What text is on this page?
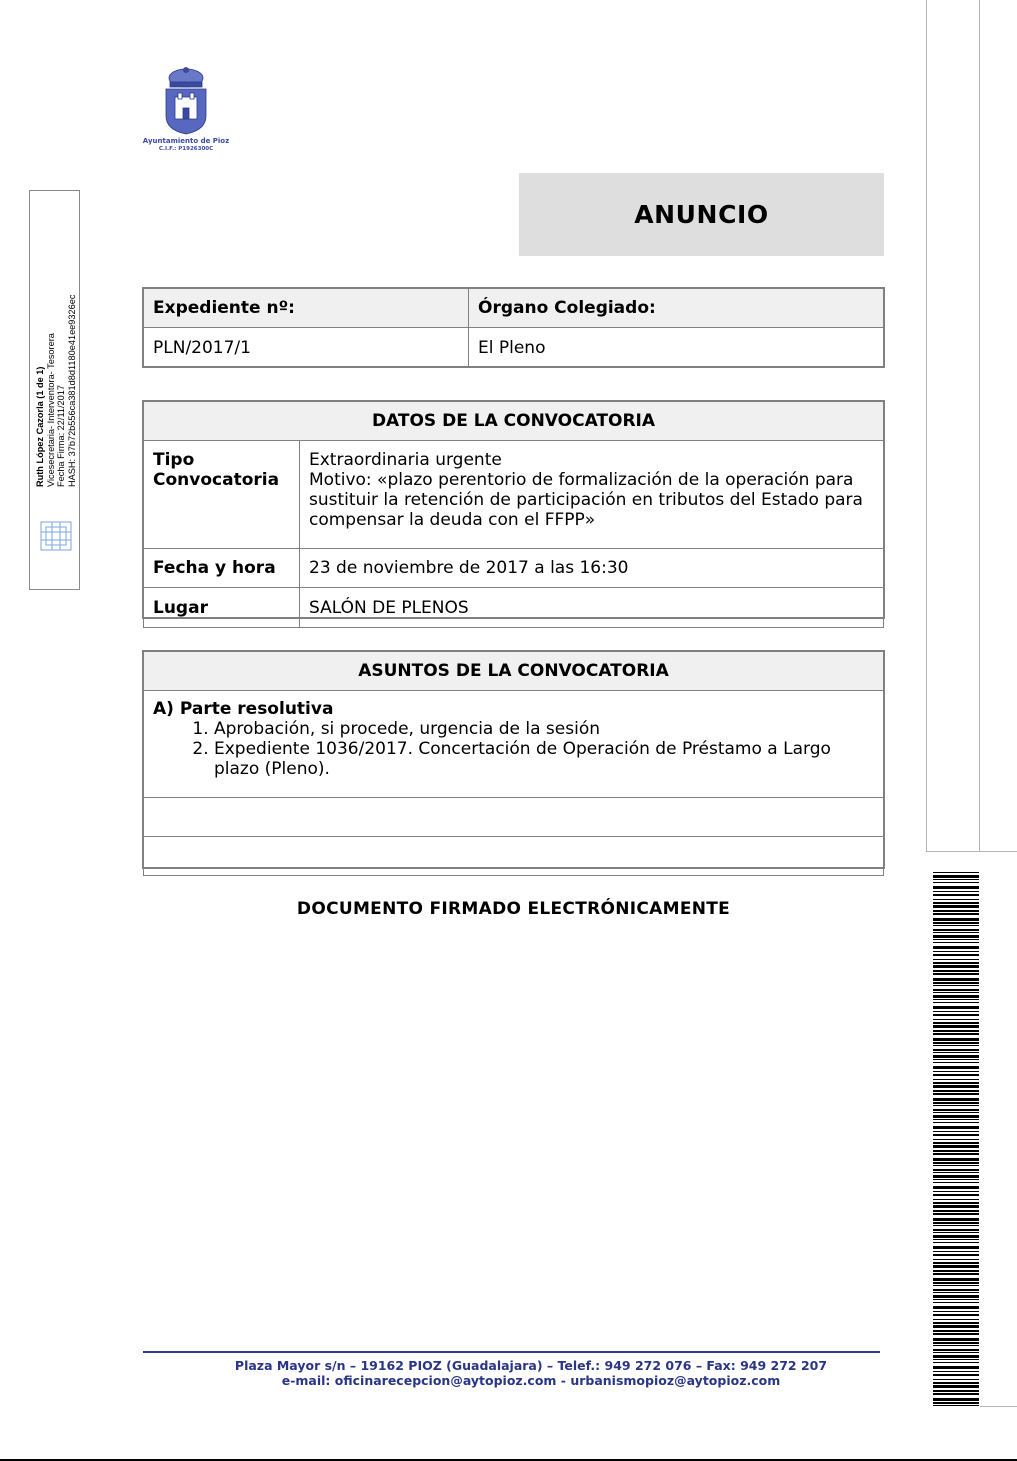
Ayuntamiento de Pioz
C.I.F.: P1926300C
Ruth López Cazorla (1 de 1) Vicesecretaria- Interventora- Tesorera Fecha Firma: 22/11/2017 HASH: 37b72b556ca381d8d1180e41ee9326ec
ANUNCIO
Expediente nº:	Órgano Colegiado:
PLN/2017/1	El Pleno
DATOS DE LA CONVOCATORIA	
Tipo Convocatoria	Extraordinaria urgente
Motivo: «plazo perentorio de formalización de la operación para sustituir la retención de participación en tributos del Estado para compensar la deuda con el FFPP»

Fecha y hora	23 de noviembre de 2017 a las 16:30
Lugar	SALÓN DE PLENOS
ASUNTOS DE LA CONVOCATORIA

A) Parte resolutiva
1. Aprobación, si procede, urgencia de la sesión
2. Expediente 1036/2017. Concertación de Operación de Préstamo a Largo plazo (Pleno).

DOCUMENTO FIRMADO ELECTRÓNICAMENTE
Plaza Mayor s/n – 19162 PIOZ (Guadalajara) – Telef.: 949 272 076 – Fax: 949 272 207
e-mail: oficinarecepcion@aytopioz.com - urbanismopioz@aytopioz.com
